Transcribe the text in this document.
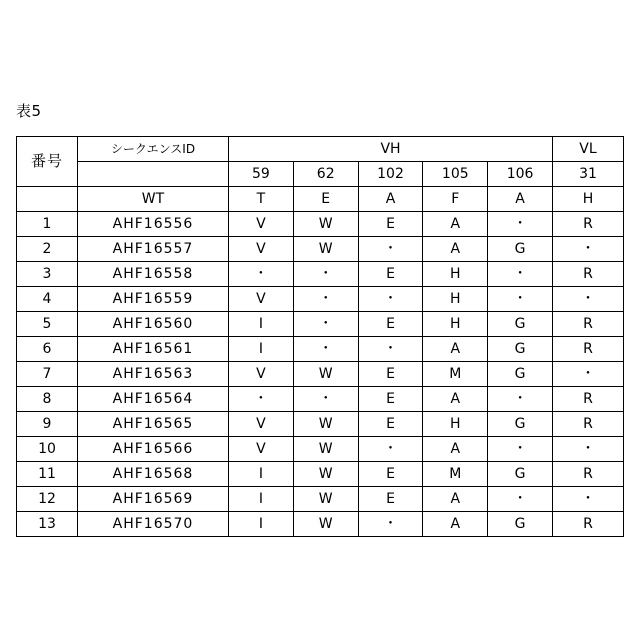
表5
番号	シークエンスID	VH					VL
		59	62	102	105	106	31
	WT	T	E	A	F	A	H
1	AHF16556	V	W	E	A	・	R
2	AHF16557	V	W	・	A	G	・
3	AHF16558	・	・	E	H	・	R
4	AHF16559	V	・	・	H	・	・
5	AHF16560	I	・	E	H	G	R
6	AHF16561	I	・	・	A	G	R
7	AHF16563	V	W	E	M	G	・
8	AHF16564	・	・	E	A	・	R
9	AHF16565	V	W	E	H	G	R
10	AHF16566	V	W	・	A	・	・
11	AHF16568	I	W	E	M	G	R
12	AHF16569	I	W	E	A	・	・
13	AHF16570	I	W	・	A	G	R
